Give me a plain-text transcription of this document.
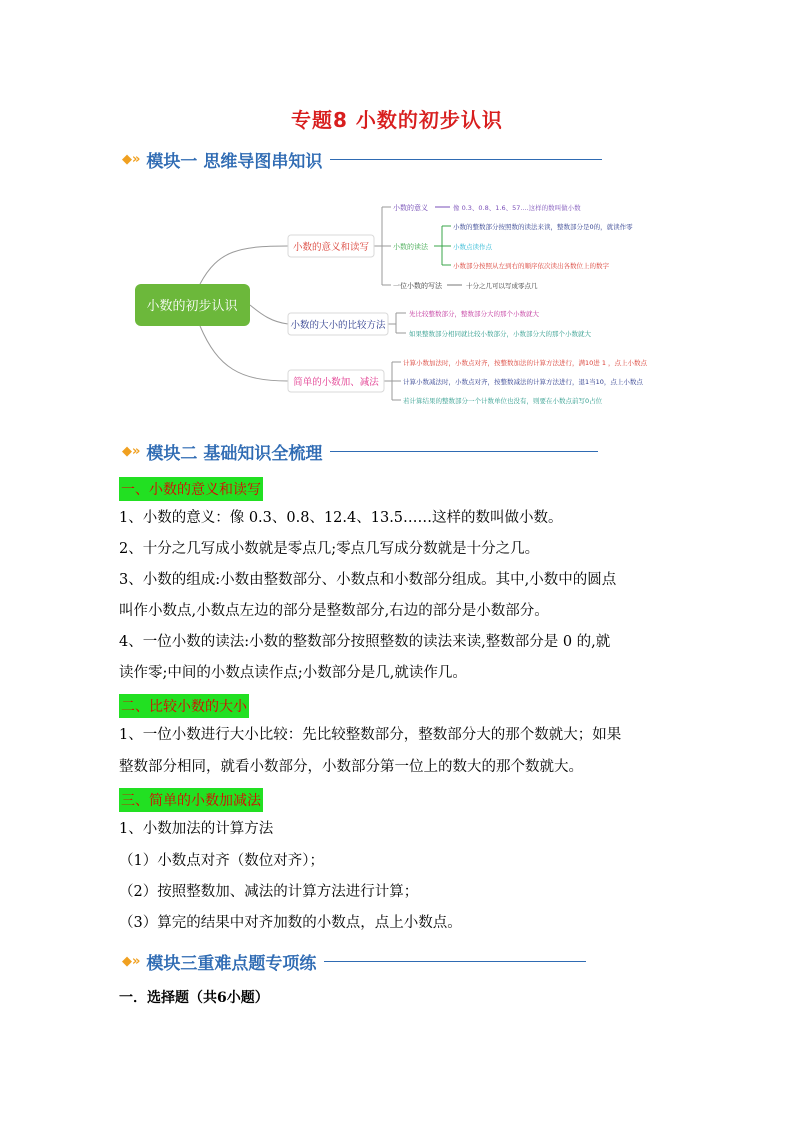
专题8 小数的初步认识
◆» 模块一 思维导图串知识
小数的初步认识
小数的意义和读写
小数的大小的比较方法
简单的小数加、减法
小数的意义	像 0.3、0.8、1.6、57....这样的数叫做小数
小数的读法
小数的整数部分按照数的读法来读，整数部分是0的，就读作零
小数点读作点
小数部分按照从左到右的顺序依次读出各数位上的数字
一位小数的写法	十分之几可以写成零点几
先比较整数部分，整数部分大的那个小数就大
如果整数部分相同就比较小数部分，小数部分大的那个小数就大
计算小数加法时，小数点对齐，按整数加法的计算方法进行，满10进 1 ，点上小数点
计算小数减法时，小数点对齐，按整数减法的计算方法进行，退1当10，点上小数点
若计算结果的整数部分一个计数单位也没有，则要在小数点前写0占位
◆» 模块二 基础知识全梳理
一、小数的意义和读写
1、小数的意义：像 0.3、0.8、12.4、13.5……这样的数叫做小数。
2、十分之几写成小数就是零点几;零点几写成分数就是十分之几。
3、小数的组成:小数由整数部分、小数点和小数部分组成。其中,小数中的圆点
叫作小数点,小数点左边的部分是整数部分,右边的部分是小数部分。
4、一位小数的读法:小数的整数部分按照整数的读法来读,整数部分是 0 的,就
读作零;中间的小数点读作点;小数部分是几,就读作几。
二、比较小数的大小
1、一位小数进行大小比较：先比较整数部分，整数部分大的那个数就大；如果
整数部分相同，就看小数部分，小数部分第一位上的数大的那个数就大。
三、简单的小数加减法
1、小数加法的计算方法
（1）小数点对齐（数位对齐）；
（2）按照整数加、减法的计算方法进行计算；
（3）算完的结果中对齐加数的小数点，点上小数点。
◆» 模块三重难点题专项练
一．选择题（共6小题）
